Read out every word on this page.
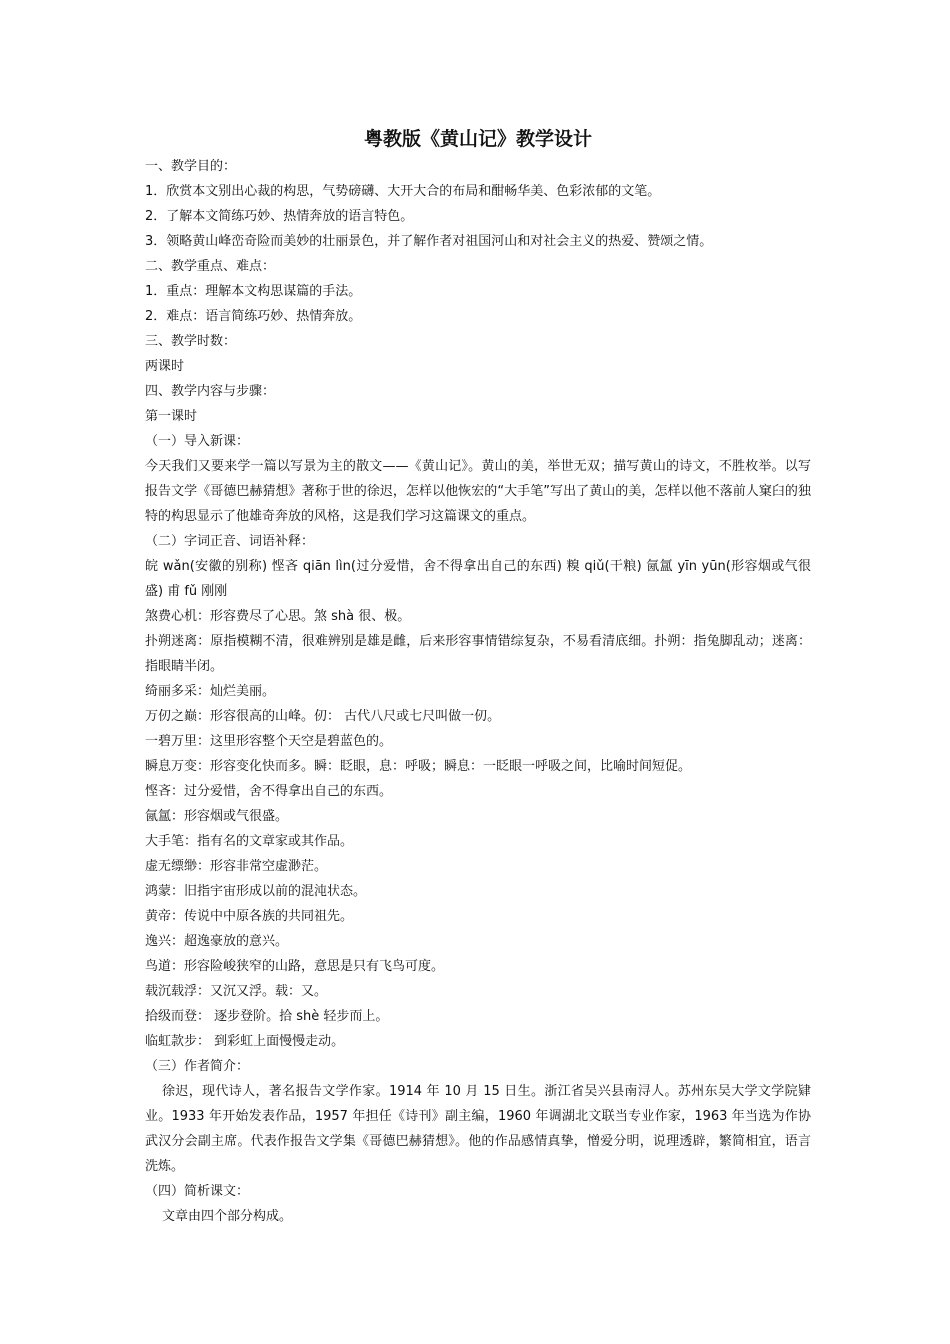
粤教版《黄山记》教学设计

一、教学目的：

1．欣赏本文别出心裁的构思，气势磅礴、大开大合的布局和酣畅华美、色彩浓郁的文笔。

2．了解本文简练巧妙、热情奔放的语言特色。

3．领略黄山峰峦奇险而美妙的壮丽景色，并了解作者对祖国河山和对社会主义的热爱、赞颂之情。

二、教学重点、难点：

1．重点：理解本文构思谋篇的手法。

2．难点：语言简练巧妙、热情奔放。

三、教学时数：

两课时

四、教学内容与步骤：

第一课时

（一）导入新课：

今天我们又要来学一篇以写景为主的散文——《黄山记》。黄山的美，举世无双；描写黄山的诗文，不胜枚举。以写报告文学《哥德巴赫猜想》著称于世的徐迟，怎样以他恢宏的“大手笔”写出了黄山的美，怎样以他不落前人窠臼的独特的构思显示了他雄奇奔放的风格，这是我们学习这篇课文的重点。

（二）字词正音、词语补释：

皖 wǎn(安徽的别称) 悭吝 qiān lìn(过分爱惜，舍不得拿出自己的东西) 糗 qiǔ(干粮) 氤氲 yīn yūn(形容烟或气很盛) 甫 fǔ 刚刚

煞费心机：形容费尽了心思。煞 shà 很、极。

扑朔迷离：原指模糊不清，很难辨别是雄是雌，后来形容事情错综复杂，不易看清底细。扑朔：指兔脚乱动；迷离：指眼睛半闭。

绮丽多采：灿烂美丽。

万仞之巅：形容很高的山峰。仞： 古代八尺或七尺叫做一仞。

一碧万里：这里形容整个天空是碧蓝色的。

瞬息万变：形容变化快而多。瞬：眨眼，息：呼吸；瞬息：一眨眼一呼吸之间，比喻时间短促。

悭吝：过分爱惜，舍不得拿出自己的东西。

氤氲：形容烟或气很盛。

大手笔：指有名的文章家或其作品。

虚无缥缈：形容非常空虚渺茫。

鸿蒙：旧指宇宙形成以前的混沌状态。

黄帝：传说中中原各族的共同祖先。

逸兴：超逸豪放的意兴。

鸟道：形容险峻狭窄的山路，意思是只有飞鸟可度。

载沉载浮：又沉又浮。载：又。

拾级而登： 逐步登阶。拾 shè 轻步而上。

临虹款步： 到彩虹上面慢慢走动。

（三）作者简介：

徐迟，现代诗人，著名报告文学作家。1914 年 10 月 15 日生。浙江省吴兴县南浔人。苏州东吴大学文学院肄业。1933 年开始发表作品，1957 年担任《诗刊》副主编，1960 年调湖北文联当专业作家，1963 年当选为作协武汉分会副主席。代表作报告文学集《哥德巴赫猜想》。他的作品感情真挚，憎爱分明，说理透辟，繁简相宜，语言洗炼。

（四）简析课文：

文章由四个部分构成。
